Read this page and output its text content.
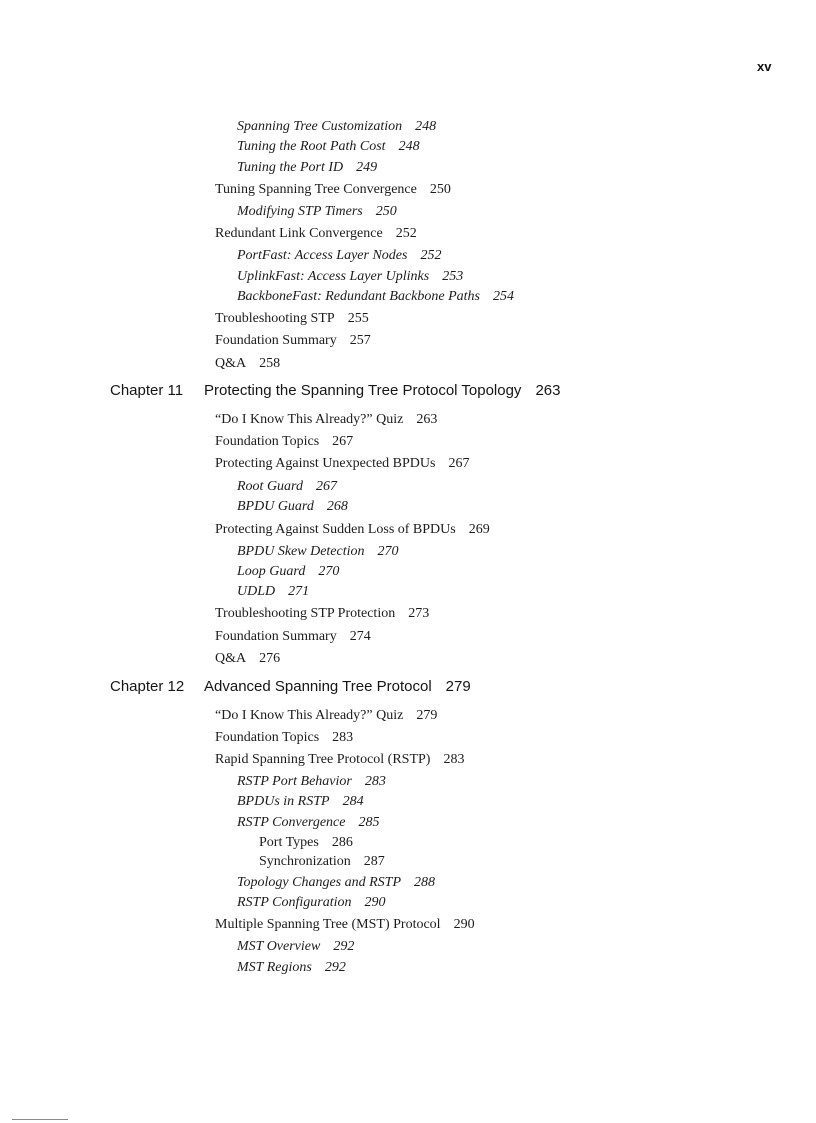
xv
Spanning Tree Customization 248
Tuning the Root Path Cost 248
Tuning the Port ID 249
Tuning Spanning Tree Convergence 250
Modifying STP Timers 250
Redundant Link Convergence 252
PortFast: Access Layer Nodes 252
UplinkFast: Access Layer Uplinks 253
BackboneFast: Redundant Backbone Paths 254
Troubleshooting STP 255
Foundation Summary 257
Q&A 258
Chapter 11 Protecting the Spanning Tree Protocol Topology 263
“Do I Know This Already?” Quiz 263
Foundation Topics 267
Protecting Against Unexpected BPDUs 267
Root Guard 267
BPDU Guard 268
Protecting Against Sudden Loss of BPDUs 269
BPDU Skew Detection 270
Loop Guard 270
UDLD 271
Troubleshooting STP Protection 273
Foundation Summary 274
Q&A 276
Chapter 12 Advanced Spanning Tree Protocol 279
“Do I Know This Already?” Quiz 279
Foundation Topics 283
Rapid Spanning Tree Protocol (RSTP) 283
RSTP Port Behavior 283
BPDUs in RSTP 284
RSTP Convergence 285
Port Types 286
Synchronization 287
Topology Changes and RSTP 288
RSTP Configuration 290
Multiple Spanning Tree (MST) Protocol 290
MST Overview 292
MST Regions 292
